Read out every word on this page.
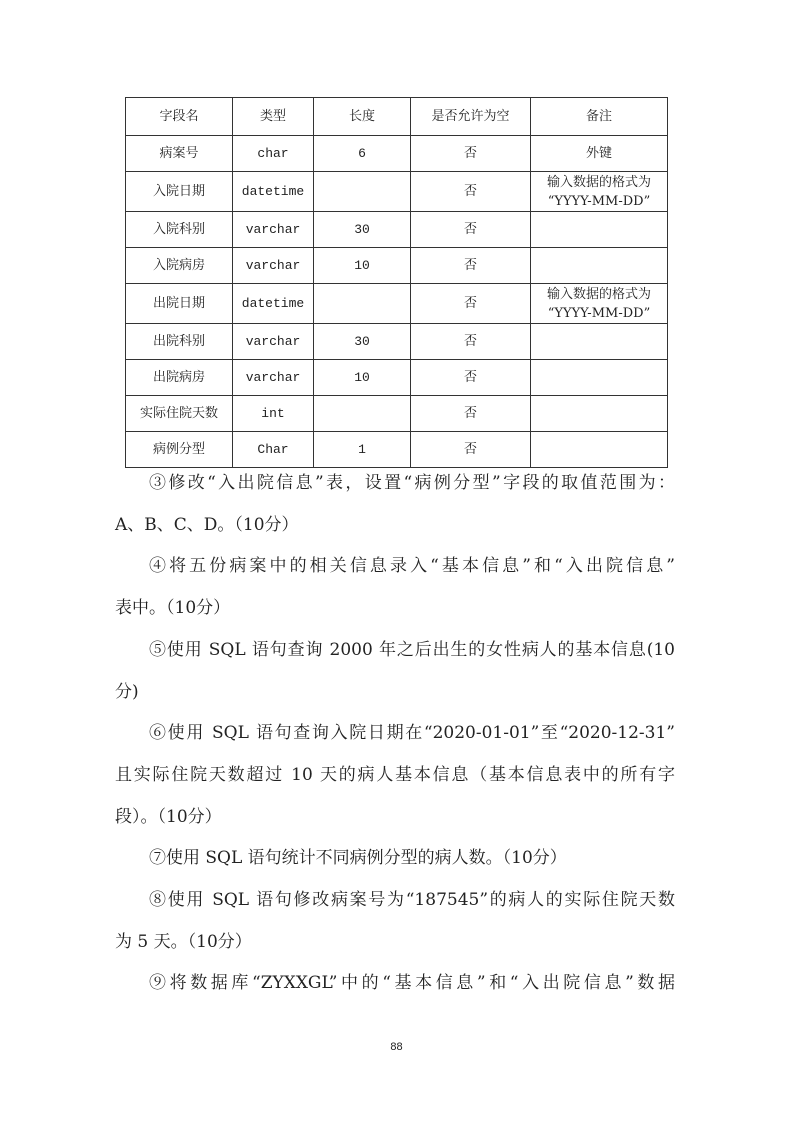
字段名	类型	长度	是否允许为空	备注
病案号	char	6	否	外键
入院日期	datetime		否	输入数据的格式为
“YYYY-MM-DD”
入院科别	varchar	30	否	
入院病房	varchar	10	否	
出院日期	datetime		否	输入数据的格式为
“YYYY-MM-DD”
出院科别	varchar	30	否	
出院病房	varchar	10	否	
实际住院天数	int		否	
病例分型	Char	1	否	
③修改“入出院信息”表，设置“病例分型”字段的取值范围为：
A、B、C、D。（10分）
④将五份病案中的相关信息录入“基本信息”和“入出院信息”
表中。（10分）
⑤使用 SQL 语句查询 2000 年之后出生的女性病人的基本信息(10
分)
⑥使用 SQL 语句查询入院日期在“2020-01-01”至“2020-12-31”
且实际住院天数超过 10 天的病人基本信息（基本信息表中的所有字
段）。（10分）
⑦使用 SQL 语句统计不同病例分型的病人数。（10分）
⑧使用 SQL 语句修改病案号为“187545”的病人的实际住院天数
为 5 天。（10分）
⑨将数据库“ZYXXGL”中的“基本信息”和“入出院信息”数据
88
